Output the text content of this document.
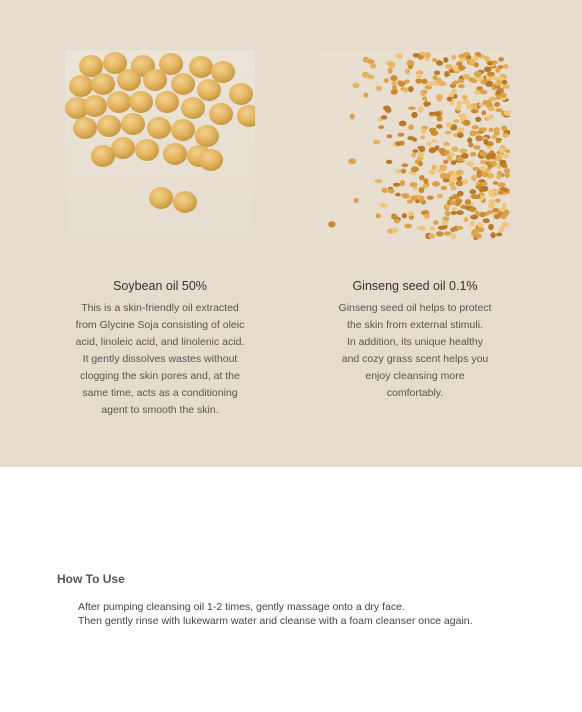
Soybean oil 50%
This is a skin-friendly oil extracted
from Glycine Soja consisting of oleic
acid, linoleic acid, and linolenic acid.
It gently dissolves wastes without
clogging the skin pores and, at the
same time, acts as a conditioning
agent to smooth the skin.
Ginseng seed oil 0.1%
Ginseng seed oil helps to protect
the skin from external stimuli.
In addition, its unique healthy
and cozy grass scent helps you
enjoy cleansing more
comfortably.
How To Use
After pumping cleansing oil 1-2 times, gently massage onto a dry face.
Then gently rinse with lukewarm water and cleanse with a foam cleanser once again.
